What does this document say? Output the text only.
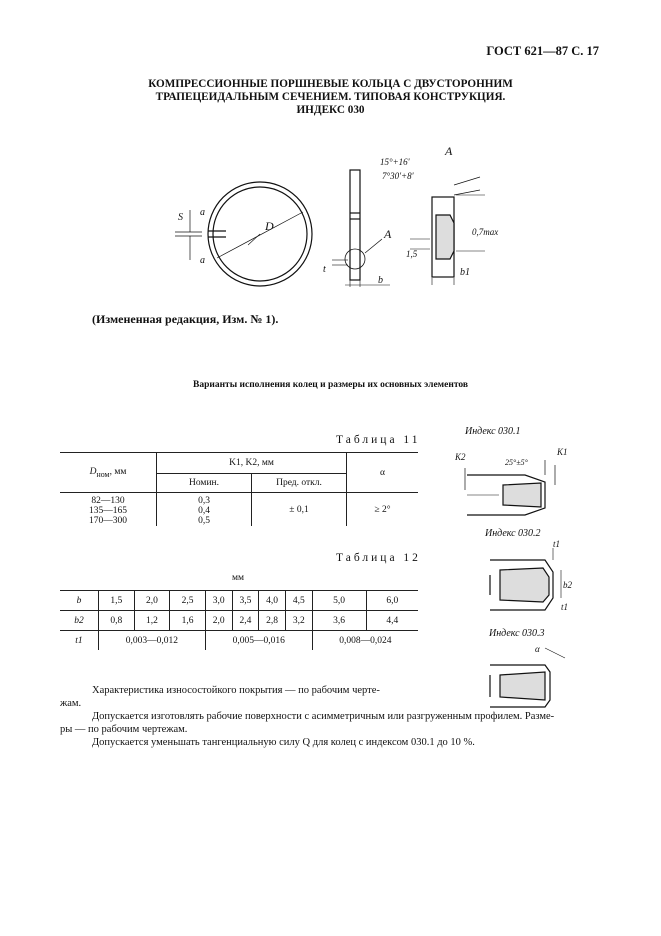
ГОСТ 621—87 С. 17
КОМПРЕССИОННЫЕ ПОРШНЕВЫЕ КОЛЬЦА С ДВУСТОРОННИМ
ТРАПЕЦЕИДАЛЬНЫМ СЕЧЕНИЕМ. ТИПОВАЯ КОНСТРУКЦИЯ.
ИНДЕКС 030
a
a
S
D
A
t
b
A
15°+16'
7°30'+8'
1,5
0,7max
b1
(Измененная редакция, Изм. № 1).
Варианты исполнения колец и размеры их основных элементов
Таблица 11
$D_{ном}$, мм	K1, K2, мм		α
	Номин.	Пред. откл.	
82—130	0,3	± 0,1	≥ 2°
135—165	0,4		
170—300	0,5		
Таблица 12
мм
b	1,5	2,0	2,5	3,0	3,5	4,0	4,5	5,0	6,0
b2	0,8	1,2	1,6	2,0	2,4	2,8	3,2	3,6	4,4
t1	0,003—0,012			0,005—0,016				0,008—0,024	
Индекс 030.1
25°±5°
K1
K2
Индекс 030.2
t1
b2
t1
Индекс 030.3
α
Характеристика износостойкого покрытия — по рабочим черте-
жам.
Допускается изготовлять рабочие поверхности с асимметричным или разгруженным профилем. Разме-
ры — по рабочим чертежам.
Допускается уменьшать тангенциальную силу Q для колец с индексом 030.1 до 10 %.
